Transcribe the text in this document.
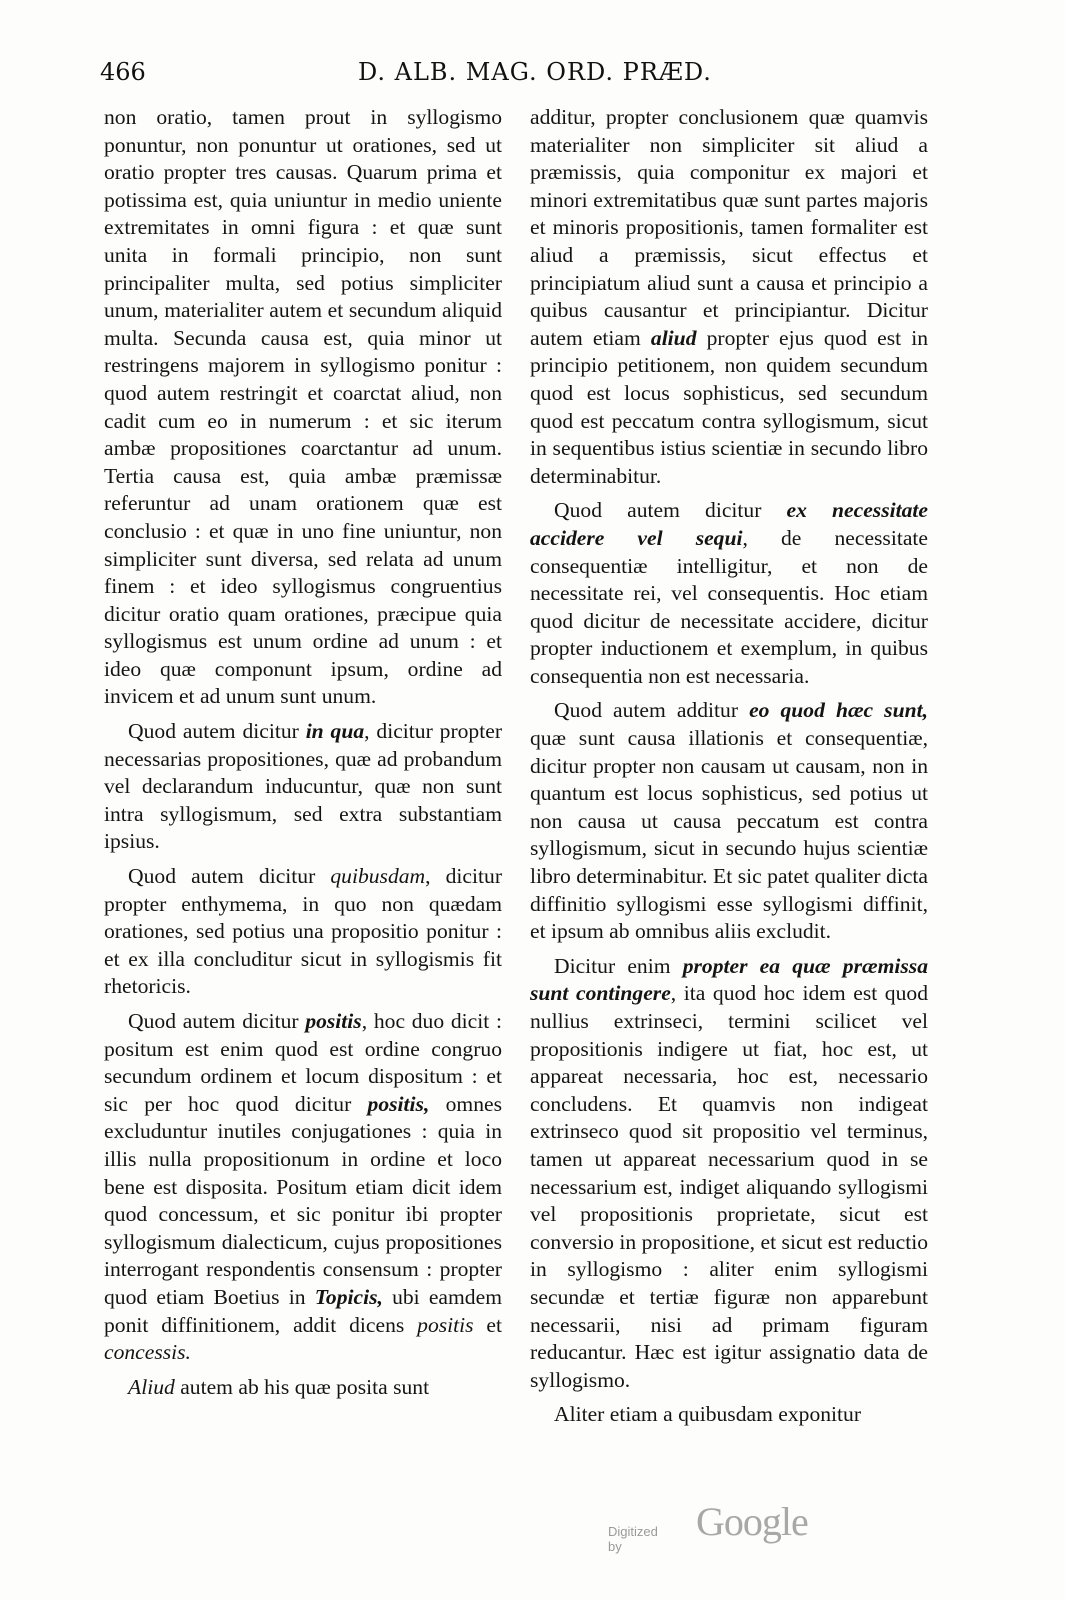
466	D. ALB. MAG. ORD. PRÆD.

non oratio, tamen prout in syllogismo ponuntur, non ponuntur ut orationes, sed ut oratio propter tres causas. Quarum prima et potissima est, quia uniuntur in medio uniente extremitates in omni figura : et quæ sunt unita in formali principio, non sunt principaliter multa, sed potius simpliciter unum, materialiter autem et secundum aliquid multa. Secunda causa est, quia minor ut restringens majorem in syllogismo ponitur : quod autem restringit et coarctat aliud, non cadit cum eo in numerum : et sic iterum ambæ propositiones coarctantur ad unum. Tertia causa est, quia ambæ præmissæ referuntur ad unam orationem quæ est conclusio : et quæ in uno fine uniuntur, non simpliciter sunt diversa, sed relata ad unum finem : et ideo syllogismus congruentius dicitur oratio quam orationes, præcipue quia syllogismus est unum ordine ad unum : et ideo quæ componunt ipsum, ordine ad invicem et ad unum sunt unum.

Quod autem dicitur in qua, dicitur propter necessarias propositiones, quæ ad probandum vel declarandum inducuntur, quæ non sunt intra syllogismum, sed extra substantiam ipsius.

Quod autem dicitur quibusdam, dicitur propter enthymema, in quo non quædam orationes, sed potius una propositio ponitur : et ex illa concluditur sicut in syllogismis fit rhetoricis.

Quod autem dicitur positis, hoc duo dicit : positum est enim quod est ordine congruo secundum ordinem et locum dispositum : et sic per hoc quod dicitur positis, omnes excluduntur inutiles conjugationes : quia in illis nulla propositionum in ordine et loco bene est disposita. Positum etiam dicit idem quod concessum, et sic ponitur ibi propter syllogismum dialecticum, cujus propositiones interrogant respondentis consensum : propter quod etiam Boetius in Topicis, ubi eamdem ponit diffinitionem, addit dicens positis et concessis.

Aliud autem ab his quæ posita sunt

additur, propter conclusionem quæ quamvis materialiter non simpliciter sit aliud a præmissis, quia componitur ex majori et minori extremitatibus quæ sunt partes majoris et minoris propositionis, tamen formaliter est aliud a præmissis, sicut effectus et principiatum aliud sunt a causa et principio a quibus causantur et principiantur. Dicitur autem etiam aliud propter ejus quod est in principio petitionem, non quidem secundum quod est locus sophisticus, sed secundum quod est peccatum contra syllogismum, sicut in sequentibus istius scientiæ in secundo libro determinabitur.

Quod autem dicitur ex necessitate accidere vel sequi, de necessitate consequentiæ intelligitur, et non de necessitate rei, vel consequentis. Hoc etiam quod dicitur de necessitate accidere, dicitur propter inductionem et exemplum, in quibus consequentia non est necessaria.

Quod autem additur eo quod hæc sunt, quæ sunt causa illationis et consequentiæ, dicitur propter non causam ut causam, non in quantum est locus sophisticus, sed potius ut non causa ut causa peccatum est contra syllogismum, sicut in secundo hujus scientiæ libro determinabitur. Et sic patet qualiter dicta diffinitio syllogismi esse syllogismi diffinit, et ipsum ab omnibus aliis excludit.

Dicitur enim propter ea quæ præmissa sunt contingere, ita quod hoc idem est quod nullius extrinseci, termini scilicet vel propositionis indigere ut fiat, hoc est, ut appareat necessaria, hoc est, necessario concludens. Et quamvis non indigeat extrinseco quod sit propositio vel terminus, tamen ut appareat necessarium quod in se necessarium est, indiget aliquando syllogismi vel propositionis proprietate, sicut est conversio in propositione, et sicut est reductio in syllogismo : aliter enim syllogismi secundæ et tertiæ figuræ non apparebunt necessarii, nisi ad primam figuram reducantur. Hæc est igitur assignatio data de syllogismo.

Aliter etiam a quibusdam exponitur

Digitized by
Google
